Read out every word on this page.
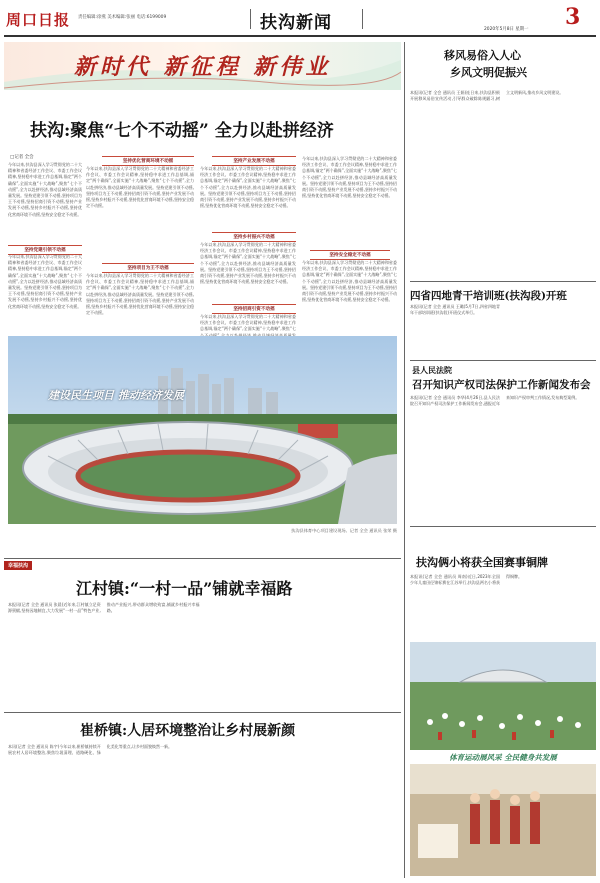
周口日报 责任编辑:徐燕 美术编辑:张丽 电话:6199009	扶沟新闻	2020年5月8日 星期一 3
新时代 新征程 新伟业
扶沟:聚焦“七个不动摇” 全力以赴拼经济
□记者 全会
今年以来,扶沟县深入学习贯彻党的二十大精神和省委经济工作会议、市委工作会议精神,坚持稳中求进工作总基调,锚定“两个确保”,全面实施“十大战略”,聚焦“七个不动摇”,全力以赴拼经济,推动县域经济高质量发展。坚持党建引领不动摇,坚持项目为王不动摇,坚持招商引资不动摇,坚持产业发展不动摇,坚持乡村振兴不动摇,坚持优化营商环境不动摇,坚持安全稳定不动摇。
坚持党建引领不动摇
今年以来,扶沟县深入学习贯彻党的二十大精神和省委经济工作会议、市委工作会议精神,坚持稳中求进工作总基调,锚定“两个确保”,全面实施“十大战略”,聚焦“七个不动摇”,全力以赴拼经济,推动县域经济高质量发展。坚持党建引领不动摇,坚持项目为王不动摇,坚持招商引资不动摇,坚持产业发展不动摇,坚持乡村振兴不动摇,坚持优化营商环境不动摇,坚持安全稳定不动摇。
坚持优化营商环境不动摇
今年以来,扶沟县深入学习贯彻党的二十大精神和省委经济工作会议、市委工作会议精神,坚持稳中求进工作总基调,锚定“两个确保”,全面实施“十大战略”,聚焦“七个不动摇”,全力以赴拼经济,推动县域经济高质量发展。坚持党建引领不动摇,坚持项目为王不动摇,坚持招商引资不动摇,坚持产业发展不动摇,坚持乡村振兴不动摇,坚持优化营商环境不动摇,坚持安全稳定不动摇。
坚持项目为王不动摇
今年以来,扶沟县深入学习贯彻党的二十大精神和省委经济工作会议、市委工作会议精神,坚持稳中求进工作总基调,锚定“两个确保”,全面实施“十大战略”,聚焦“七个不动摇”,全力以赴拼经济,推动县域经济高质量发展。坚持党建引领不动摇,坚持项目为王不动摇,坚持招商引资不动摇,坚持产业发展不动摇,坚持乡村振兴不动摇,坚持优化营商环境不动摇,坚持安全稳定不动摇。
坚持产业发展不动摇
今年以来,扶沟县深入学习贯彻党的二十大精神和省委经济工作会议、市委工作会议精神,坚持稳中求进工作总基调,锚定“两个确保”,全面实施“十大战略”,聚焦“七个不动摇”,全力以赴拼经济,推动县域经济高质量发展。坚持党建引领不动摇,坚持项目为王不动摇,坚持招商引资不动摇,坚持产业发展不动摇,坚持乡村振兴不动摇,坚持优化营商环境不动摇,坚持安全稳定不动摇。
坚持乡村振兴不动摇
今年以来,扶沟县深入学习贯彻党的二十大精神和省委经济工作会议、市委工作会议精神,坚持稳中求进工作总基调,锚定“两个确保”,全面实施“十大战略”,聚焦“七个不动摇”,全力以赴拼经济,推动县域经济高质量发展。坚持党建引领不动摇,坚持项目为王不动摇,坚持招商引资不动摇,坚持产业发展不动摇,坚持乡村振兴不动摇,坚持优化营商环境不动摇,坚持安全稳定不动摇。
坚持招商引资不动摇
今年以来,扶沟县深入学习贯彻党的二十大精神和省委经济工作会议、市委工作会议精神,坚持稳中求进工作总基调,锚定“两个确保”,全面实施“十大战略”,聚焦“七
今年以来,扶沟县深入学习贯彻党的二十大精神和省委经济工作会议、市委工作会议精神,坚持稳中求进工作总基调,锚定“两个确保”,全面实施“十大战略”,聚焦“七个不动摇”,全力以赴拼经济,推动县域经济高质量发展。坚持党建引领不动摇,坚持项目为王不动摇,坚持招商引资不动摇,坚持产业发展不动摇,坚持乡村振兴不动摇,坚持优化营商环境不动摇,坚持安全稳定不动摇。
坚持安全稳定不动摇
今年以来,扶沟县深入学习贯彻党的二十大精神和省委经济工作会议、市委工作会议精神,坚持稳中求进工作总基调,锚定“两个确保”,全面实施“十大战略”,聚焦“七个不动摇”,全力以赴拼经济,推动县域经济高质量发展。坚持党建引领不动摇,坚持项目为王不动摇,坚持招商引资不动摇,坚持产业发展不动摇,坚持乡村振兴不动摇,坚持优化营商环境不动摇,坚持安全稳定不动摇。
建设民生项目 推动经济发展
扶沟县体育中心项目建设现场。记者 全会 通讯员 张荣 摄
移风易俗入人心
乡风文明促振兴
本报讯(记者 全会 通讯员 王娟)连日来,扶沟县积极开展移风易俗宣传活动,引导群众破除陈规陋习,树立文明新风,推动乡风文明建设。
四省四地青干培训班(扶沟段)开班
本报讯(记者 全会 通讯员 王璐)5月7日,四省四地青年干部培训班(扶沟段)开班仪式举行。
县人民法院
召开知识产权司法保护工作新闻发布会
本报讯(记者 全会 通讯员 李华)4月26日,县人民法院召开知识产权司法保护工作新闻发布会,通报近年来知识产权审判工作情况,发布典型案例。
扶沟俩小将获全国赛事铜牌
本报讯(记者 全会 通讯员 周南)近日,2023年全国少年儿童田径锦标赛在江苏举行,扶沟县两名小将获得铜牌。
体育运动展风采 全民健身共发展
幸福扶沟
江村镇:“一村一品”铺就幸福路
本报讯(记者 全会 通讯员 张晨)近年来,江村镇立足资源禀赋,坚持因地制宜,大力发展“一村一品”特色产业,推动产业振兴,带动群众增收致富,铺就乡村振兴幸福路。
崔桥镇:人居环境整治让乡村展新颜
本讯(记者 全会 通讯员 陈宇)今年以来,崔桥镇持续开展农村人居环境整治,聚焦垃圾清理、道路硬化、绿化美化等重点,让乡村面貌焕然一新。
